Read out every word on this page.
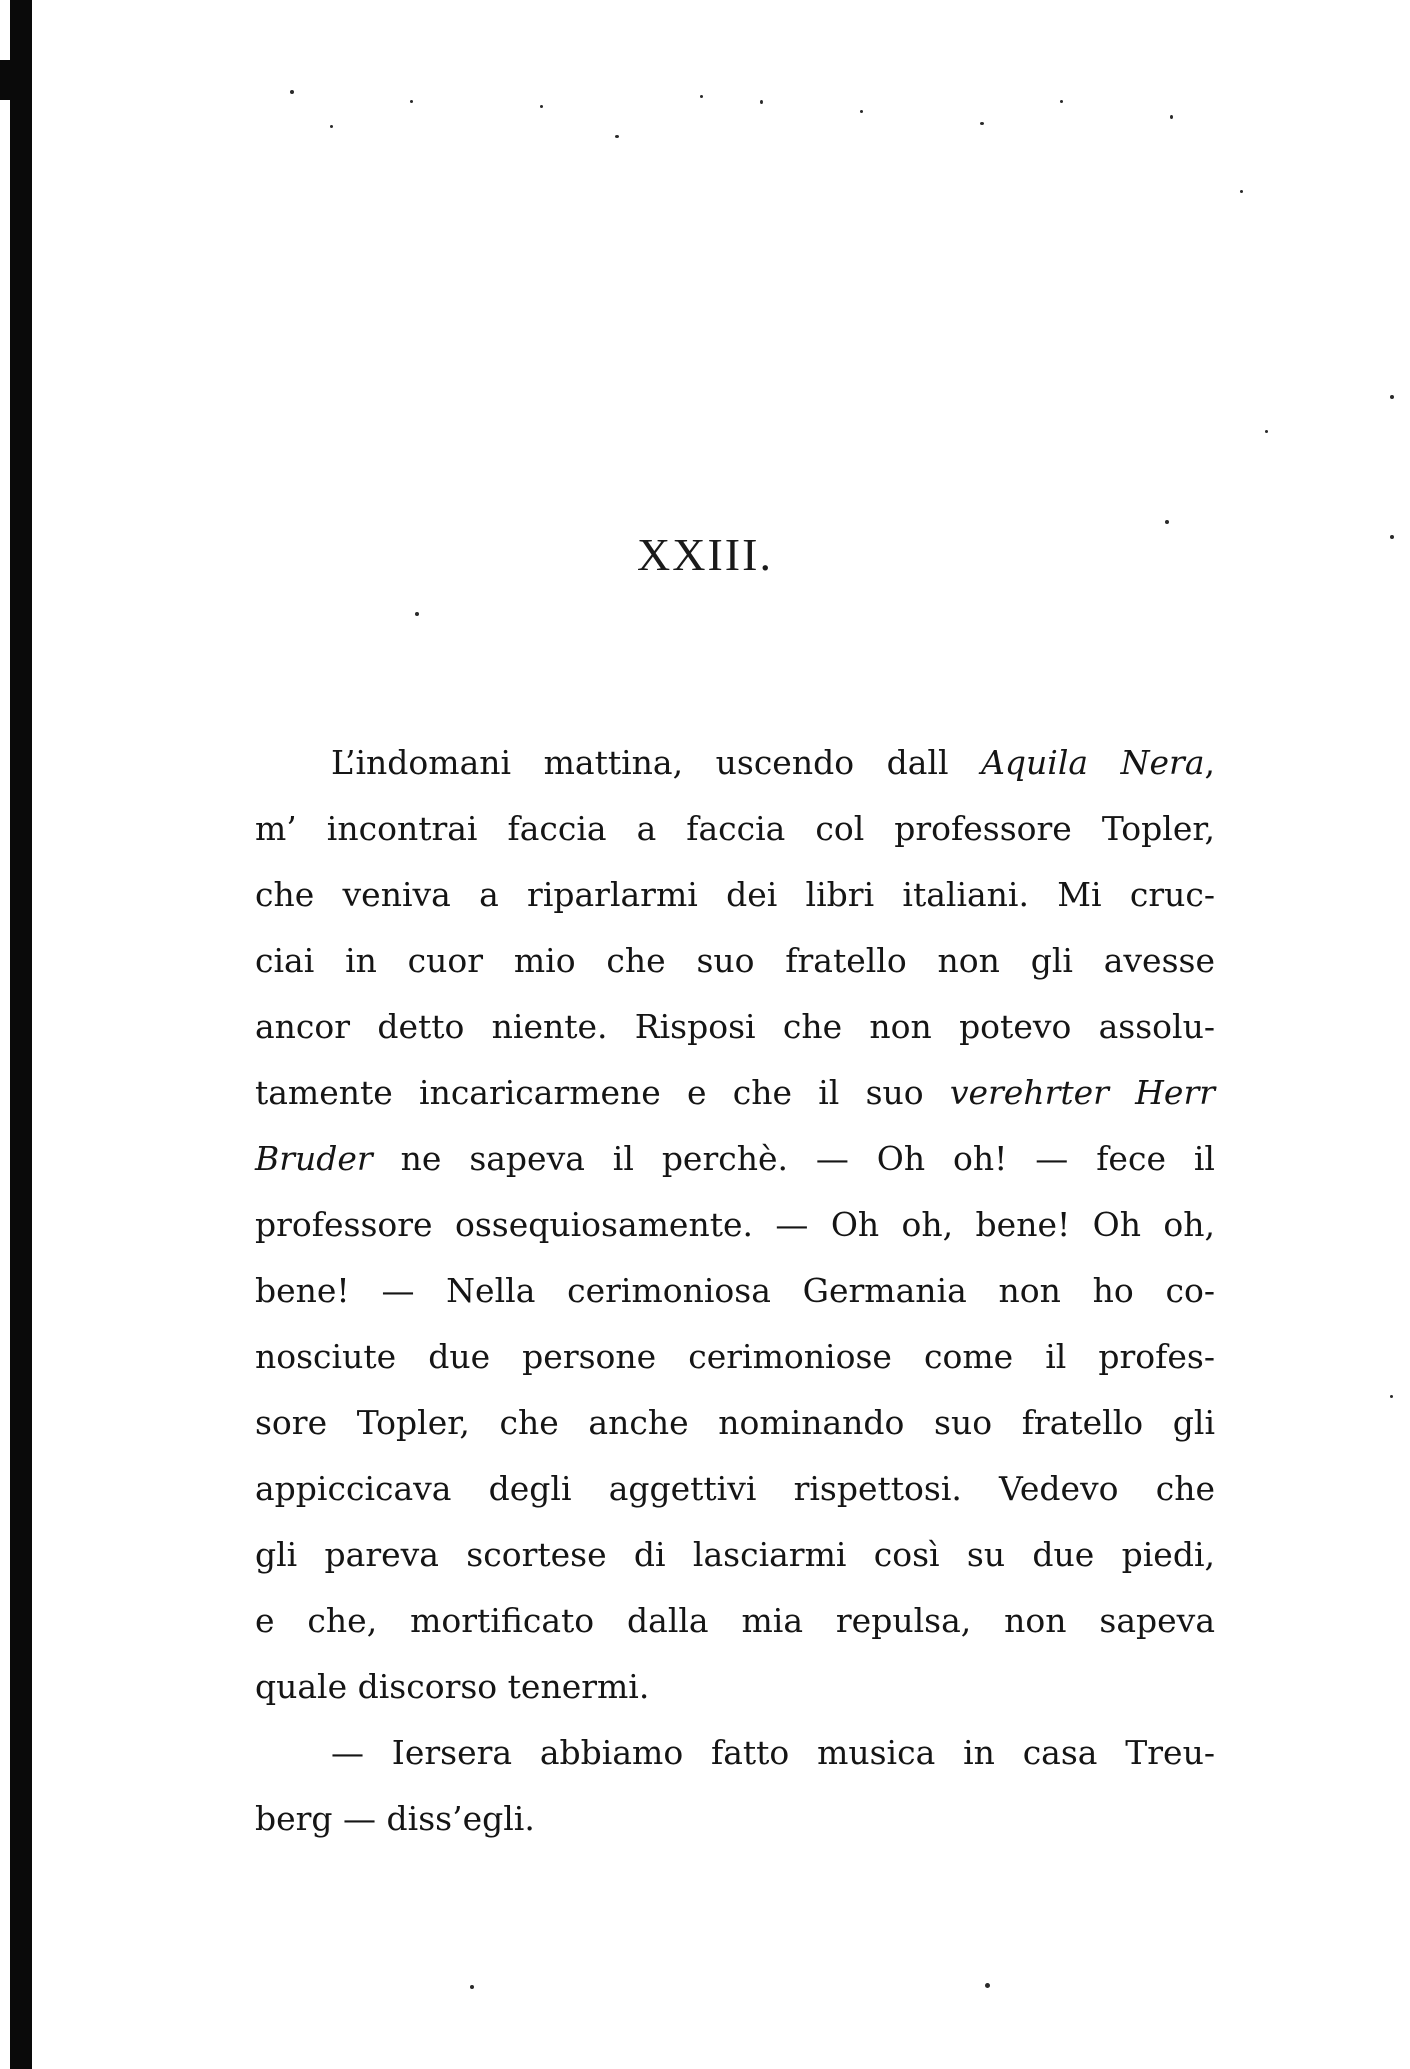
XXIII.
L’indomani mattina, uscendo dall Aquila Nera,
m’ incontrai faccia a faccia col professore Topler,
che veniva a riparlarmi dei libri italiani. Mi cruc-
ciai in cuor mio che suo fratello non gli avesse
ancor detto niente. Risposi che non potevo assolu-
tamente incaricarmene e che il suo verehrter Herr
Bruder ne sapeva il perchè. — Oh oh! — fece il
professore ossequiosamente. — Oh oh, bene! Oh oh,
bene! — Nella cerimoniosa Germania non ho co-
nosciute due persone cerimoniose come il profes-
sore Topler, che anche nominando suo fratello gli
appiccicava degli aggettivi rispettosi. Vedevo che
gli pareva scortese di lasciarmi così su due piedi,
e che, mortificato dalla mia repulsa, non sapeva
quale discorso tenermi.
— Iersera abbiamo fatto musica in casa Treu-
berg — diss’egli.
